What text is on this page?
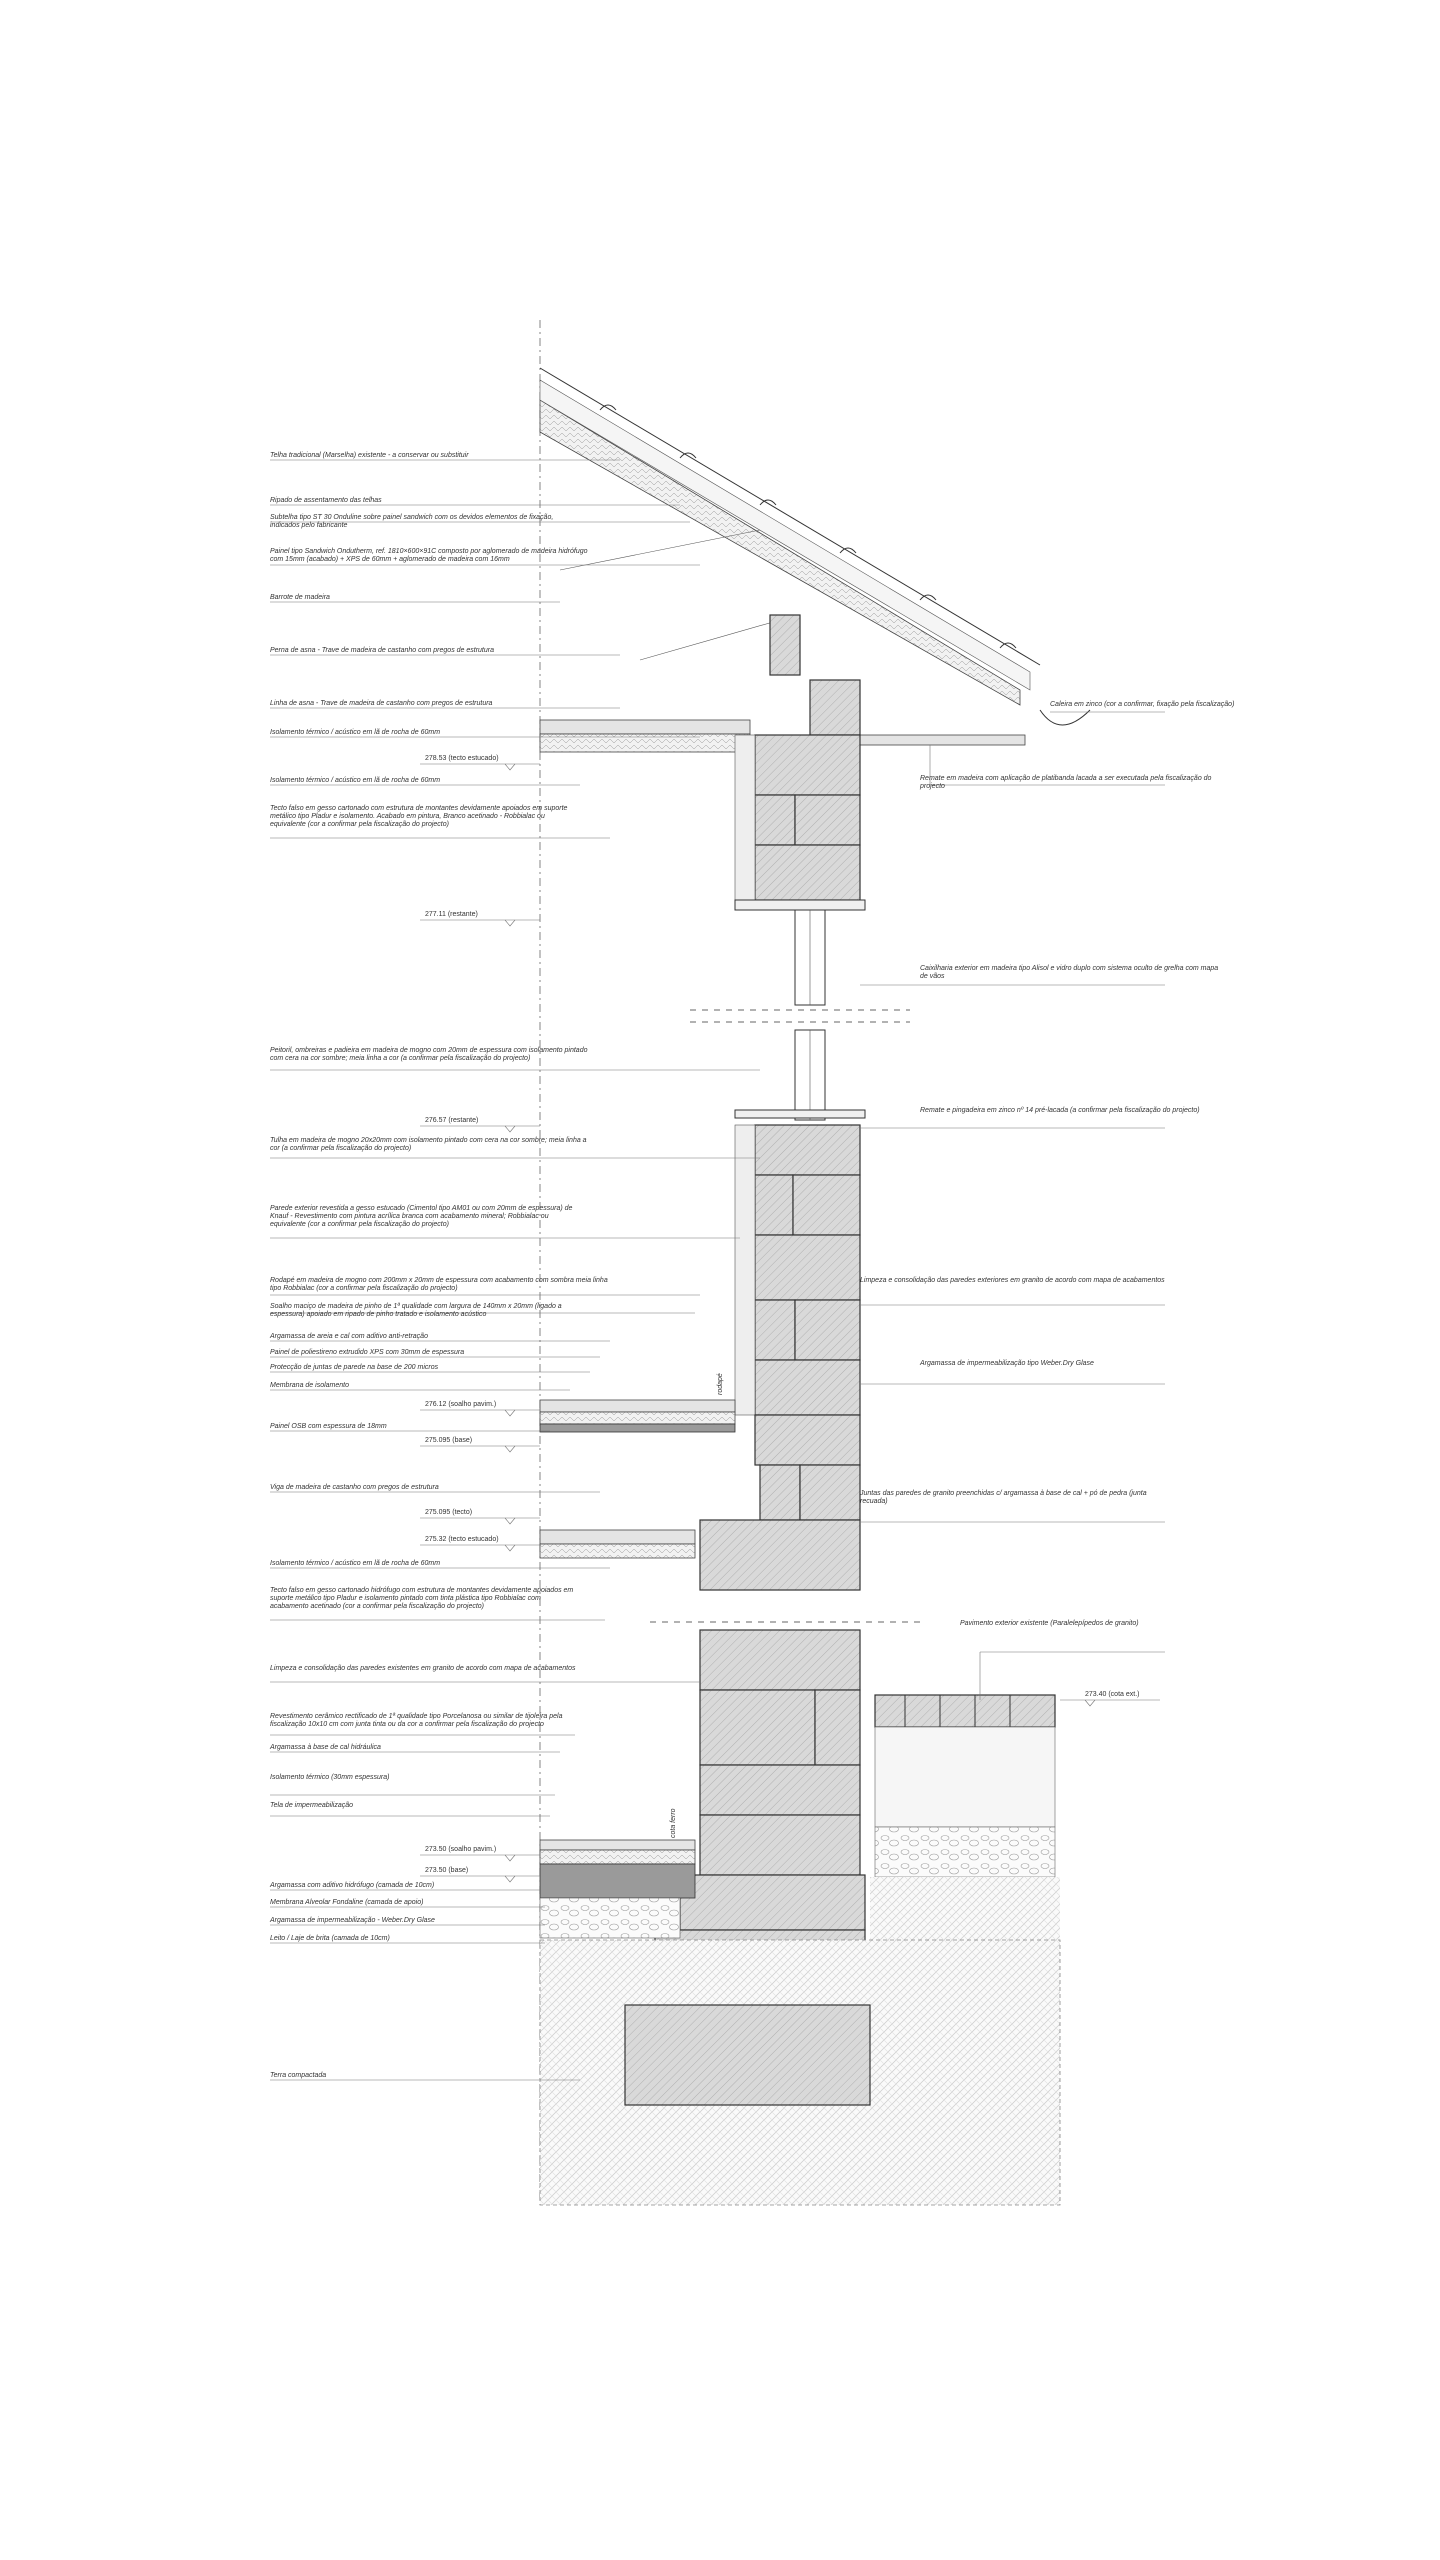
Telha tradicional (Marselha) existente - a conservar ou substituir
Ripado de assentamento das telhas
Subtelha tipo ST 30 Onduline sobre painel sandwich com os devidos elementos de fixação, indicados pelo fabricante
Painel tipo Sandwich Ondutherm, ref. 1810×600×91C composto por aglomerado de madeira hidrófugo com 15mm (acabado) + XPS de 60mm + aglomerado de madeira com 16mm
Barrote de madeira
Perna de asna - Trave de madeira de castanho com pregos de estrutura
Linha de asna - Trave de madeira de castanho com pregos de estrutura
Isolamento térmico / acústico em lã de rocha de 60mm
Isolamento térmico / acústico em lã de rocha de 60mm
Tecto falso em gesso cartonado com estrutura de montantes devidamente apoiados em suporte metálico tipo Pladur e isolamento. Acabado em pintura, Branco acetinado - Robbialac ou equivalente (cor a confirmar pela fiscalização do projecto)
Peitoril, ombreiras e padieira em madeira de mogno com 20mm de espessura com isolamento pintado com cera na cor sombre; meia linha a cor (a confirmar pela fiscalização do projecto)
Tulha em madeira de mogno 20x20mm com isolamento pintado com cera na cor sombre; meia linha a cor (a confirmar pela fiscalização do projecto)
Parede exterior revestida a gesso estucado (Cimentol tipo AM01 ou com 20mm de espessura) de Knauf - Revestimento com pintura acrílica branca com acabamento mineral; Robbialac ou equivalente (cor a confirmar pela fiscalização do projecto)
Rodapé em madeira de mogno com 200mm x 20mm de espessura com acabamento com sombra meia linha tipo Robbialac (cor a confirmar pela fiscalização do projecto)
Soalho maciço de madeira de pinho de 1ª qualidade com largura de 140mm x 20mm (ligado a espessura) apoiado em ripado de pinho tratado e isolamento acústico
Argamassa de areia e cal com aditivo anti-retração
Painel de poliestireno extrudido XPS com 30mm de espessura
Protecção de juntas de parede na base de 200 micros
Membrana de isolamento
Painel OSB com espessura de 18mm
Viga de madeira de castanho com pregos de estrutura
Isolamento térmico / acústico em lã de rocha de 60mm
Tecto falso em gesso cartonado hidrófugo com estrutura de montantes devidamente apoiados em suporte metálico tipo Pladur e isolamento pintado com tinta plástica tipo Robbialac com acabamento acetinado (cor a confirmar pela fiscalização do projecto)
Limpeza e consolidação das paredes existentes em granito de acordo com mapa de acabamentos
Revestimento cerâmico rectificado de 1ª qualidade tipo Porcelanosa ou similar de tijoleira pela fiscalização 10x10 cm com junta tinta ou da cor a confirmar pela fiscalização do projecto
Argamassa à base de cal hidráulica
Isolamento térmico (30mm espessura)
Tela de impermeabilização
Argamassa com aditivo hidrófugo (camada de 10cm)
Membrana Alveolar Fondaline (camada de apoio)
Argamassa de impermeabilização - Weber.Dry Glase
Leito / Laje de brita (camada de 10cm)
Terra compactada
278.53 (tecto estucado)
277.11 (restante)
276.57 (restante)
276.12 (soalho pavim.)
275.095 (base)
275.095 (tecto)
275.32 (tecto estucado)
273.50 (soalho pavim.)
273.50 (base)
273.40 (cota ext.)
Caleira em zinco (cor a confirmar, fixação pela fiscalização)
Remate em madeira com aplicação de platibanda lacada a ser executada pela fiscalização do projecto
Caixilharia exterior em madeira tipo Alisol e vidro duplo com sistema oculto de grelha com mapa de vãos
Remate e pingadeira em zinco nº 14 pré-lacada (a confirmar pela fiscalização do projecto)
Limpeza e consolidação das paredes exteriores em granito de acordo com mapa de acabamentos
Argamassa de impermeabilização tipo Weber.Dry Glase
Juntas das paredes de granito preenchidas c/ argamassa à base de cal + pó de pedra (junta recuada)
Pavimento exterior existente (Paralelepípedos de granito)
rodapé
cota ferro
